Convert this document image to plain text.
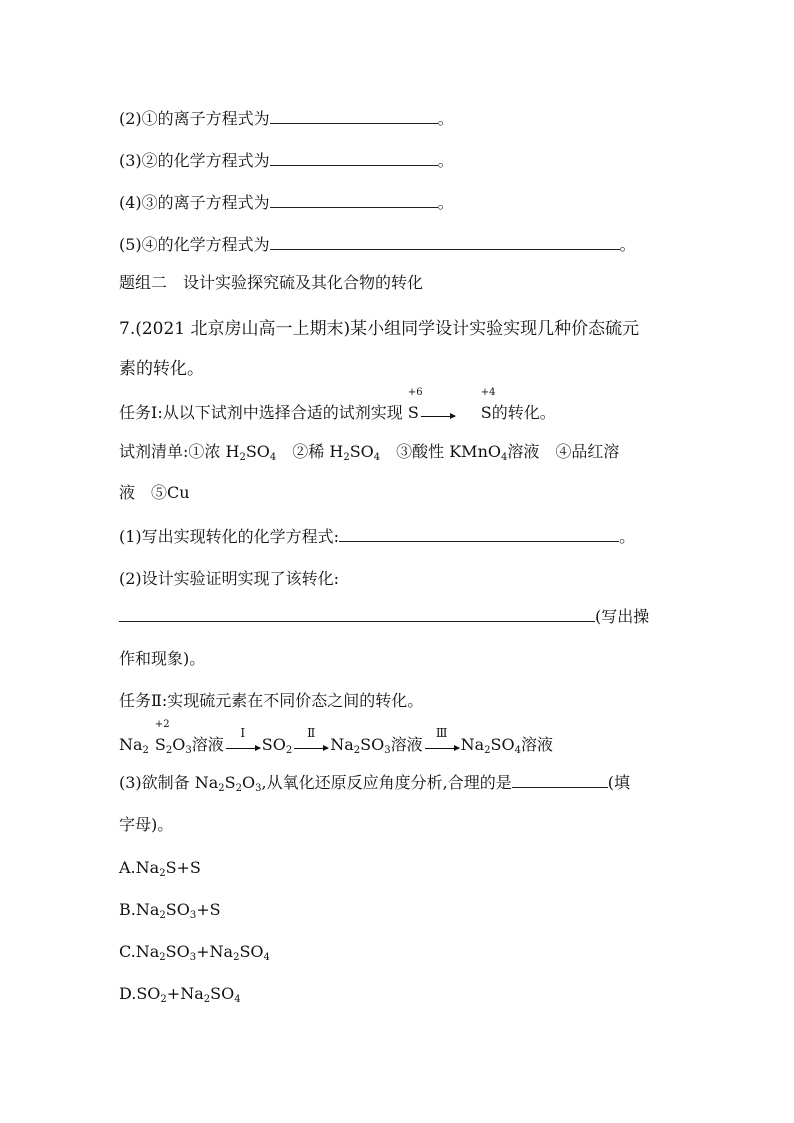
(2)①的离子方程式为	。
(3)②的化学方程式为	。
(4)③的离子方程式为	。
(5)④的化学方程式为	。
题组二　设计实验探究硫及其化合物的转化
7.(2021 北京房山高一上期末)某小组同学设计实验实现几种价态硫元
素的转化。
任务Ⅰ:从以下试剂中选择合适的试剂实现
+6
S
+4
S的转化。
试剂清单:①浓 $H_2SO_4$　②稀 $H_2SO_4$　③酸性 KMnO$_4$溶液　④品红溶
液　⑤Cu
(1)写出实现转化的化学方程式:	。
(2)设计实验证明实现了该转化:
(写出操
作和现象)。
任务Ⅱ:实现硫元素在不同价态之间的转化。
$Na_2$
+2
$S_2O_3$溶液
Ⅰ
$SO_2$
Ⅱ
$Na_2SO_3$溶液
Ⅲ
$Na_2SO_4$溶液
(3)欲制备 $Na_2S_2O_3$,从氧化还原反应角度分析,合理的是	(填
字母)。
$A.Na_2S+S$
$B.Na_2SO_3+S$
$C.Na_2SO_3+Na_2SO_4$
$D.SO_2+Na_2SO_4$
